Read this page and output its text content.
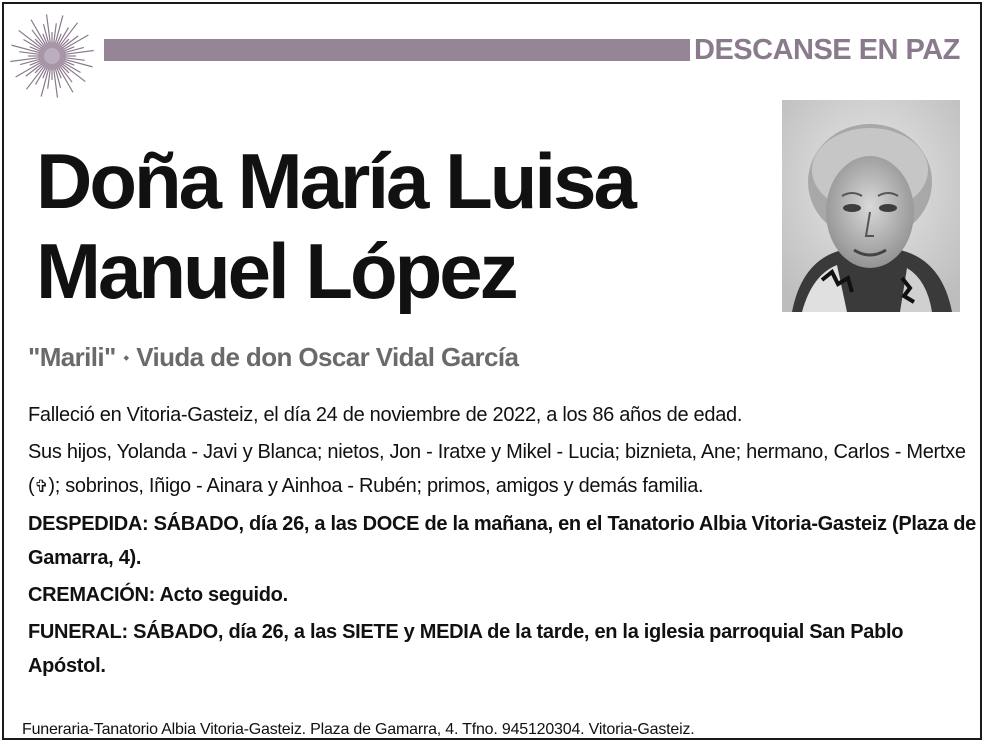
DESCANSE EN PAZ
Doña María Luisa
Manuel López
"Marili" ⬩ Viuda de don Oscar Vidal García

Falleció en Vitoria-Gasteiz, el día 24 de noviembre de 2022, a los 86 años de edad.

Sus hijos, Yolanda - Javi y Blanca; nietos, Jon - Iratxe y Mikel - Lucia; biznieta, Ane; hermano, Carlos - Mertxe (✞); sobrinos, Iñigo - Ainara y Ainhoa - Rubén; primos, amigos y demás familia.

DESPEDIDA: SÁBADO, día 26, a las DOCE de la mañana, en el Tanatorio Albia Vitoria-Gasteiz (Plaza de Gamarra, 4).

CREMACIÓN: Acto seguido.

FUNERAL: SÁBADO, día 26, a las SIETE y MEDIA de la tarde, en la iglesia parroquial San Pablo Apóstol.

Funeraria-Tanatorio Albia Vitoria-Gasteiz. Plaza de Gamarra, 4. Tfno. 945120304. Vitoria-Gasteiz.
